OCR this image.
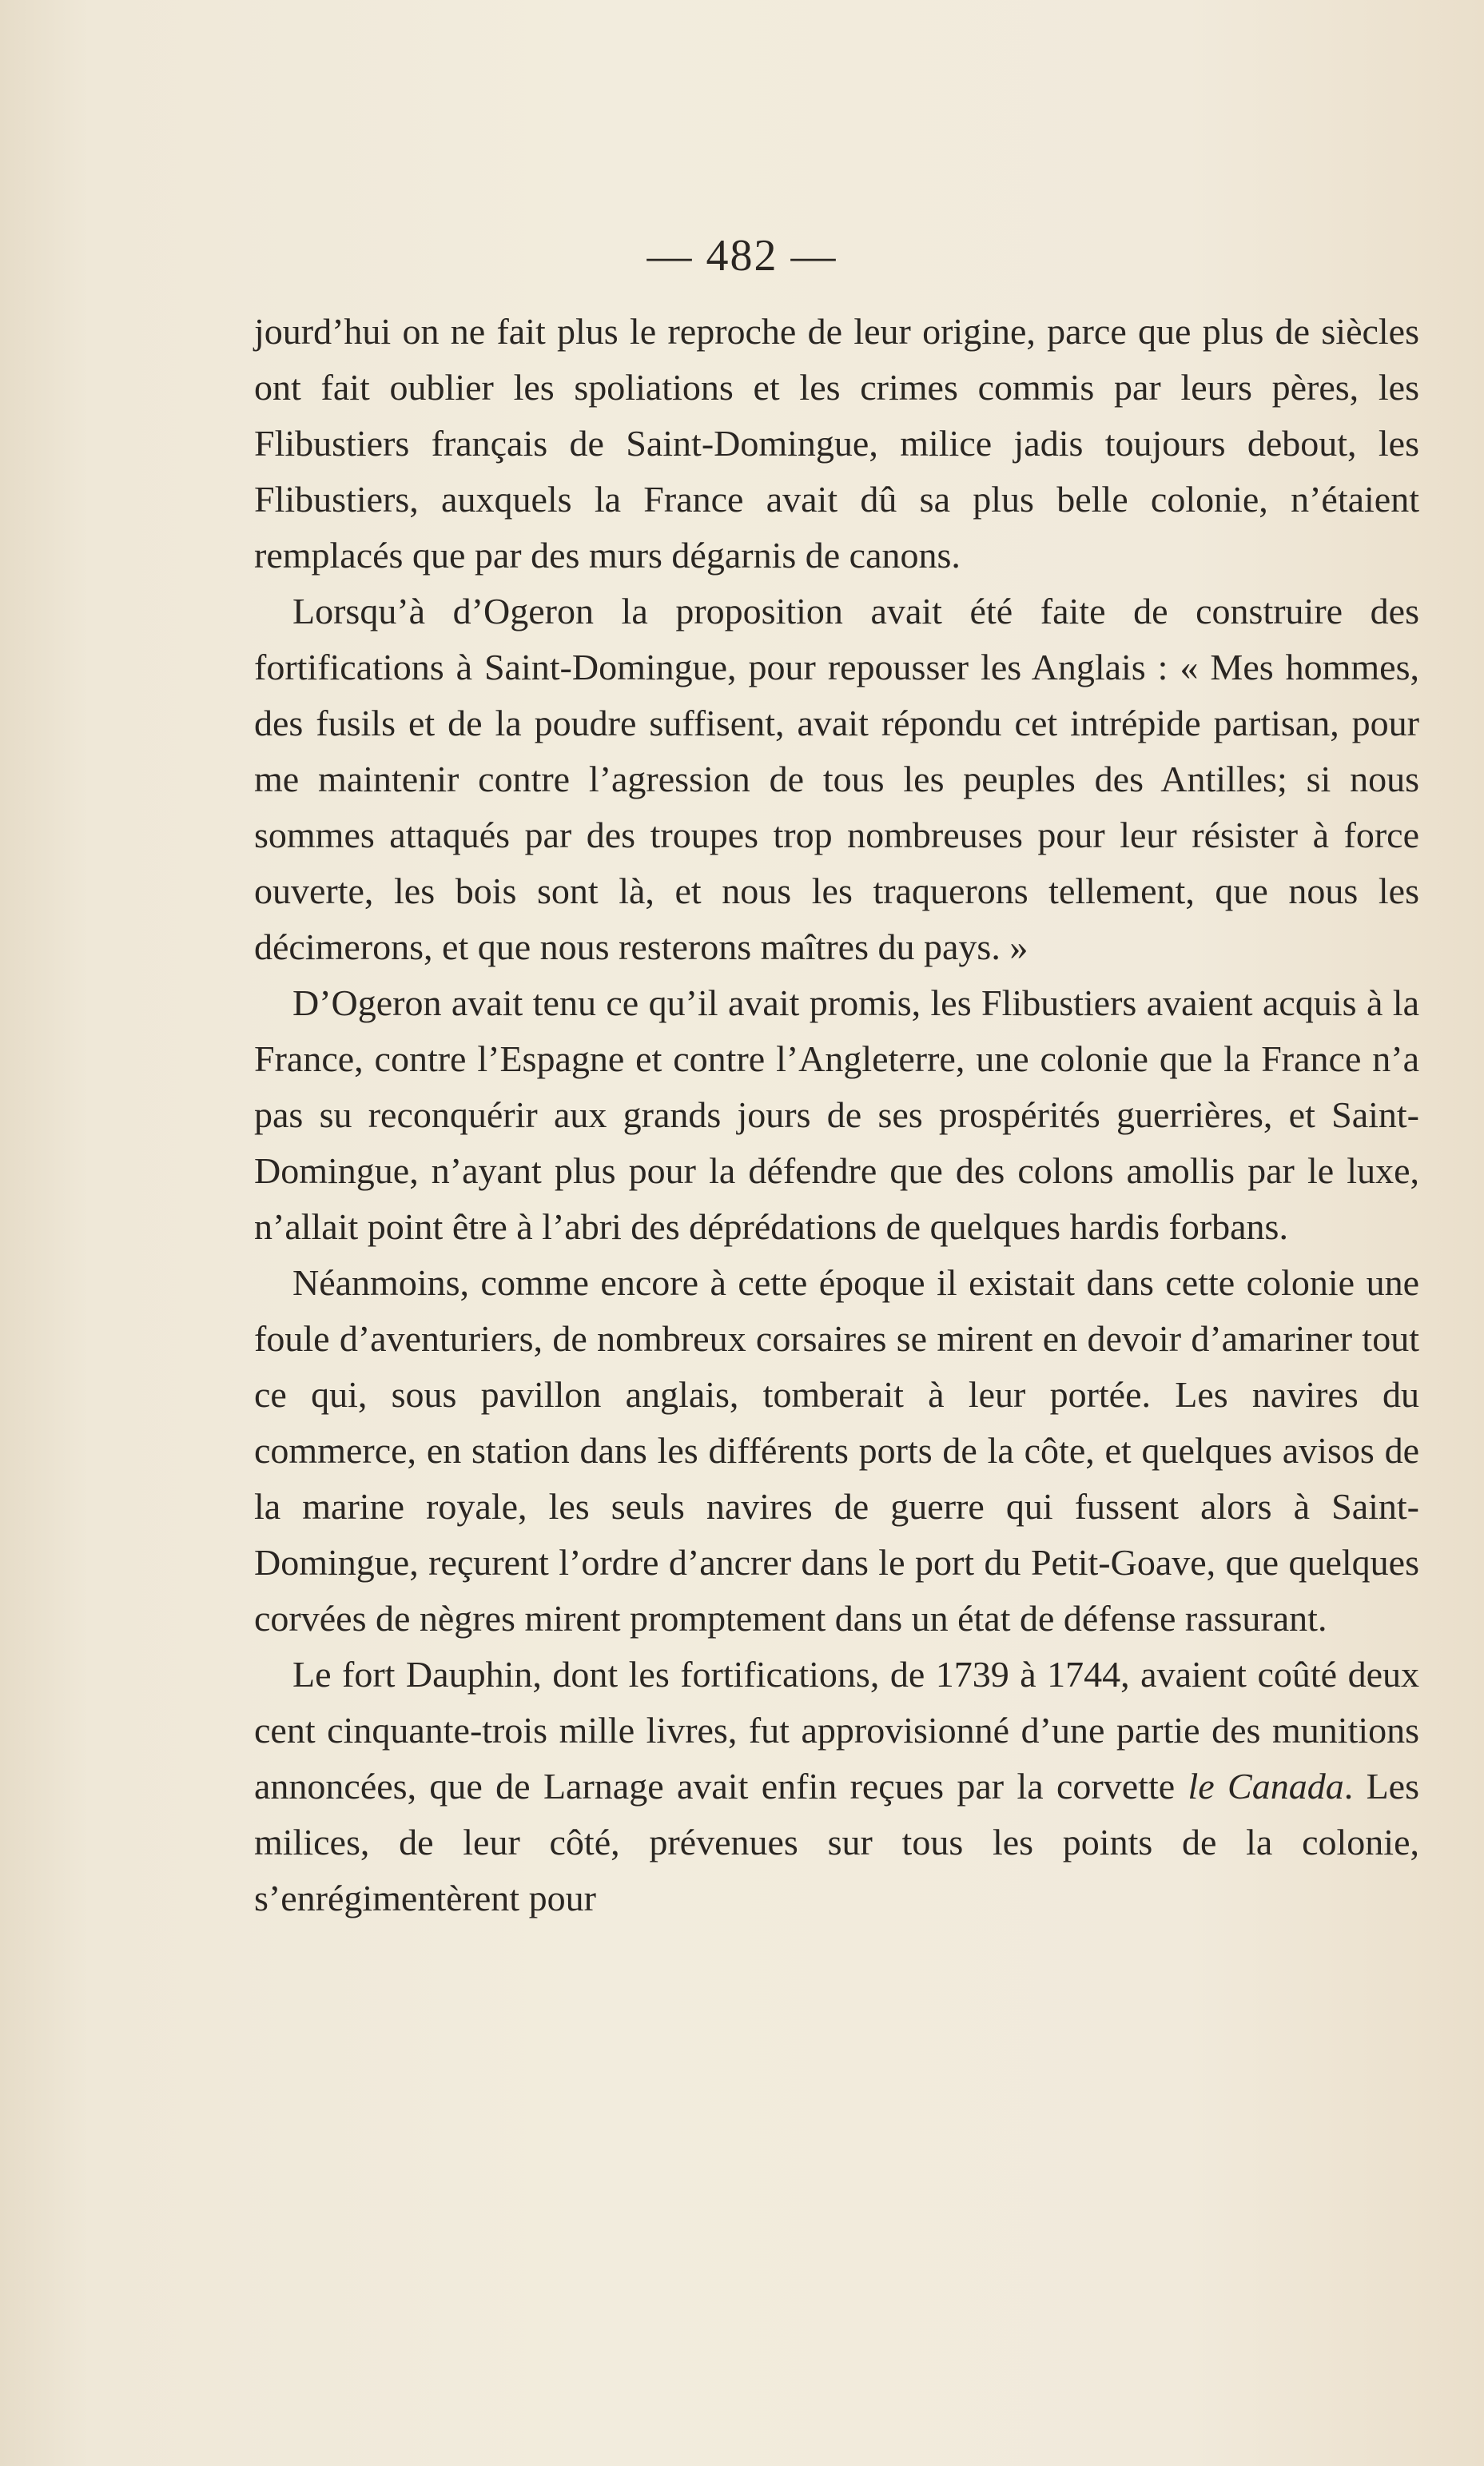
— 482 —

jourd’hui on ne fait plus le reproche de leur origine, parce que plus de siècles ont fait oublier les spoliations et les crimes commis par leurs pères, les Flibustiers français de Saint-Domingue, milice jadis toujours debout, les Flibustiers, auxquels la France avait dû sa plus belle colonie, n’étaient remplacés que par des murs dégarnis de canons.

Lorsqu’à d’Ogeron la proposition avait été faite de construire des fortifications à Saint-Domingue, pour repousser les Anglais : « Mes hommes, des fusils et de la poudre suffisent, avait répondu cet intrépide partisan, pour me maintenir contre l’agression de tous les peuples des Antilles; si nous sommes attaqués par des troupes trop nombreuses pour leur résister à force ouverte, les bois sont là, et nous les traquerons tellement, que nous les décimerons, et que nous resterons maîtres du pays. »

D’Ogeron avait tenu ce qu’il avait promis, les Flibustiers avaient acquis à la France, contre l’Espagne et contre l’Angleterre, une colonie que la France n’a pas su reconquérir aux grands jours de ses prospérités guerrières, et Saint-Domingue, n’ayant plus pour la défendre que des colons amollis par le luxe, n’allait point être à l’abri des déprédations de quelques hardis forbans.

Néanmoins, comme encore à cette époque il existait dans cette colonie une foule d’aventuriers, de nombreux corsaires se mirent en devoir d’amariner tout ce qui, sous pavillon anglais, tomberait à leur portée. Les navires du commerce, en station dans les différents ports de la côte, et quelques avisos de la marine royale, les seuls navires de guerre qui fussent alors à Saint-Domingue, reçurent l’ordre d’ancrer dans le port du Petit-Goave, que quelques corvées de nègres mirent promptement dans un état de défense rassurant.

Le fort Dauphin, dont les fortifications, de 1739 à 1744, avaient coûté deux cent cinquante-trois mille livres, fut approvisionné d’une partie des munitions annoncées, que de Larnage avait enfin reçues par la corvette le Canada. Les milices, de leur côté, prévenues sur tous les points de la colonie, s’enrégimentèrent pour
